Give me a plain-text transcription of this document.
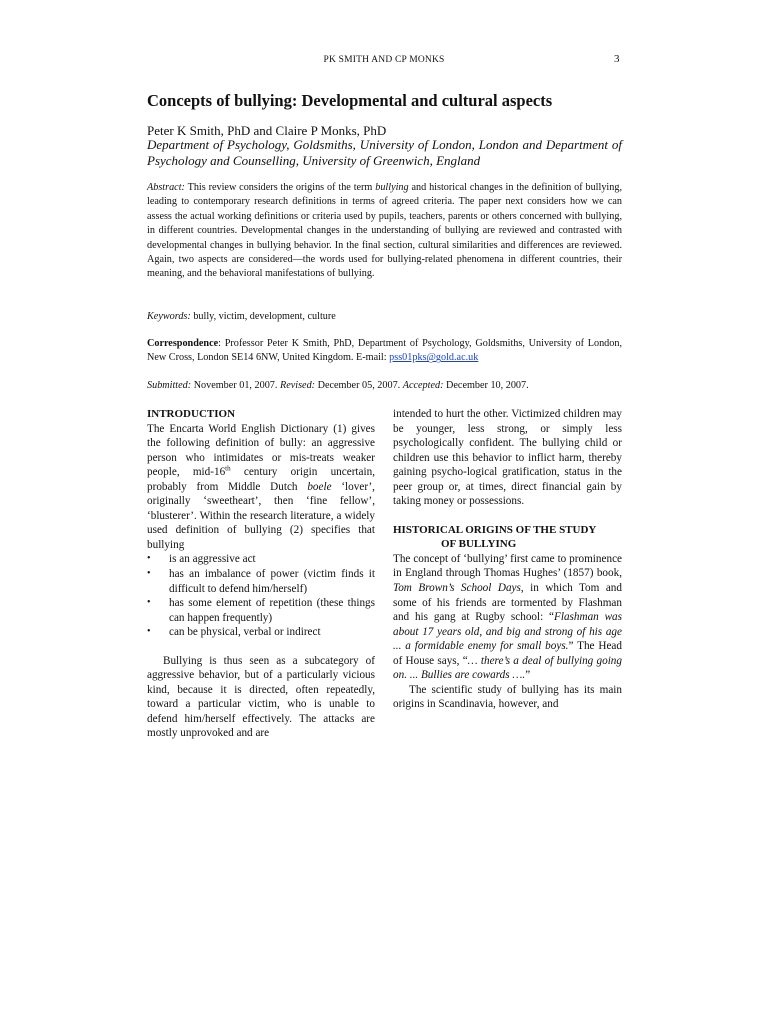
PK SMITH AND CP MONKS	3
Concepts of bullying: Developmental and cultural aspects
Peter K Smith, PhD and Claire P Monks, PhD
Department of Psychology, Goldsmiths, University of London, London and Department of Psychology and Counselling, University of Greenwich, England
Abstract: This review considers the origins of the term bullying and historical changes in the definition of bullying, leading to contemporary research definitions in terms of agreed criteria. The paper next considers how we can assess the actual working definitions or criteria used by pupils, teachers, parents or others concerned with bullying, in different countries. Developmental changes in the understanding of bullying are reviewed and contrasted with developmental changes in bullying behavior. In the final section, cultural similarities and differences are reviewed. Again, two aspects are considered—the words used for bullying-related phenomena in different countries, their meaning, and the behavioral manifestations of bullying.
Keywords: bully, victim, development, culture
Correspondence: Professor Peter K Smith, PhD, Department of Psychology, Goldsmiths, University of London, New Cross, London SE14 6NW, United Kingdom. E-mail: pss01pks@gold.ac.uk
Submitted: November 01, 2007. Revised: December 05, 2007. Accepted: December 10, 2007.
INTRODUCTION

The Encarta World English Dictionary (1) gives the following definition of bully: an aggressive person who intimidates or mis-treats weaker people, mid-16th century origin uncertain, probably from Middle Dutch boele ‘lover’, originally ‘sweetheart’, then ‘fine fellow’, ‘blusterer’. Within the research literature, a widely used definition of bullying (2) specifies that bullying

• is an aggressive act
• has an imbalance of power (victim finds it difficult to defend him/herself)
• has some element of repetition (these things can happen frequently)
• can be physical, verbal or indirect

Bullying is thus seen as a subcategory of aggressive behavior, but of a particularly vicious kind, because it is directed, often repeatedly, toward a particular victim, who is unable to defend him/herself effectively. The attacks are mostly unprovoked and are

intended to hurt the other. Victimized children may be younger, less strong, or simply less psychologically confident. The bullying child or children use this behavior to inflict harm, thereby gaining psycho-logical gratification, status in the peer group or, at times, direct financial gain by taking money or possessions.

HISTORICAL ORIGINS OF THE STUDY
OF BULLYING

The concept of ‘bullying’ first came to prominence in England through Thomas Hughes’ (1857) book, Tom Brown’s School Days, in which Tom and some of his friends are tormented by Flashman and his gang at Rugby school: “Flashman was about 17 years old, and big and strong of his age ... a formidable enemy for small boys.” The Head of House says, “… there’s a deal of bullying going on. ... Bullies are cowards ….”

The scientific study of bullying has its main origins in Scandinavia, however, and
